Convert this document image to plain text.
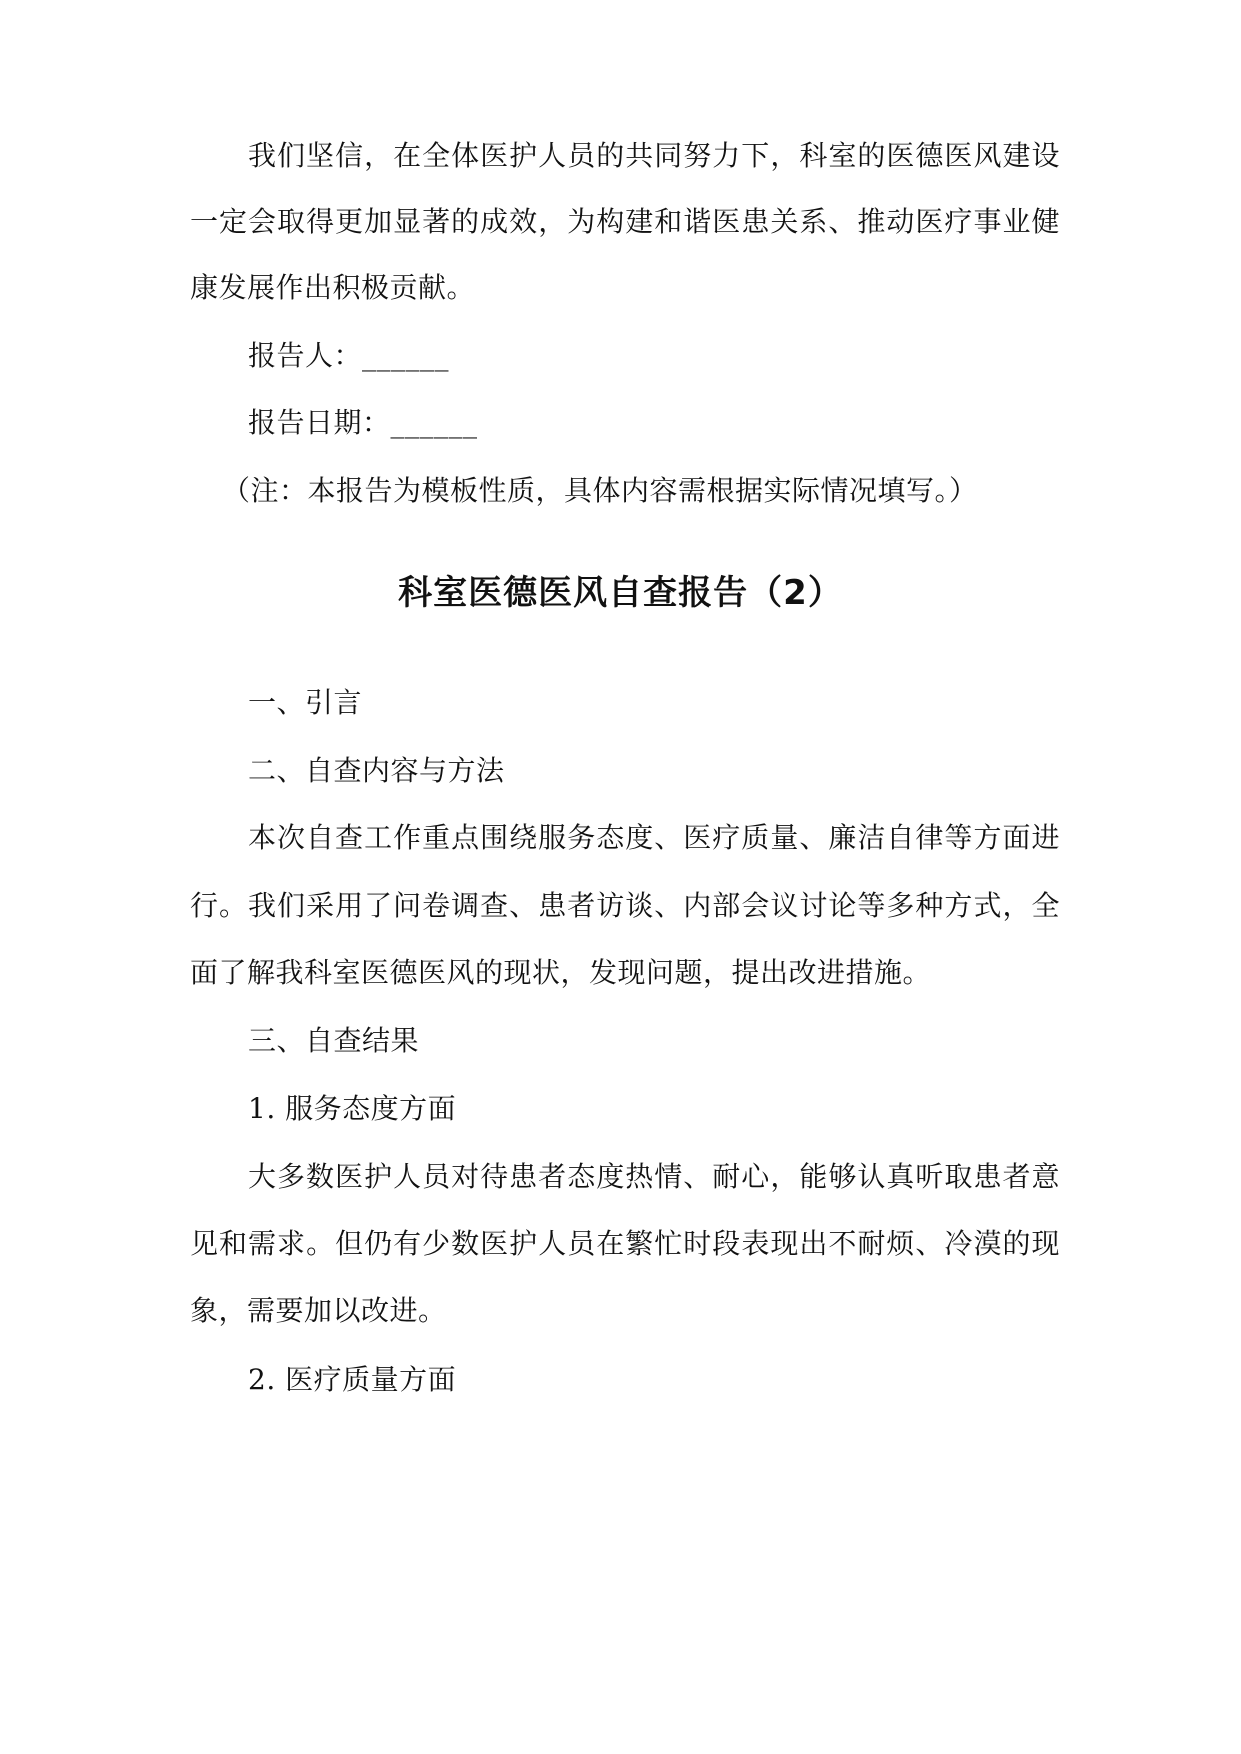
我们坚信，在全体医护人员的共同努力下，科室的医德医风建设
一定会取得更加显著的成效，为构建和谐医患关系、推动医疗事业健
康发展作出积极贡献。
报告人：______
报告日期：______
（注：本报告为模板性质，具体内容需根据实际情况填写。）
科室医德医风自查报告（2）
一、引言
二、自查内容与方法
本次自查工作重点围绕服务态度、医疗质量、廉洁自律等方面进
行。我们采用了问卷调查、患者访谈、内部会议讨论等多种方式，全
面了解我科室医德医风的现状，发现问题，提出改进措施。
三、自查结果
1. 服务态度方面
大多数医护人员对待患者态度热情、耐心，能够认真听取患者意
见和需求。但仍有少数医护人员在繁忙时段表现出不耐烦、冷漠的现
象，需要加以改进。
2. 医疗质量方面
